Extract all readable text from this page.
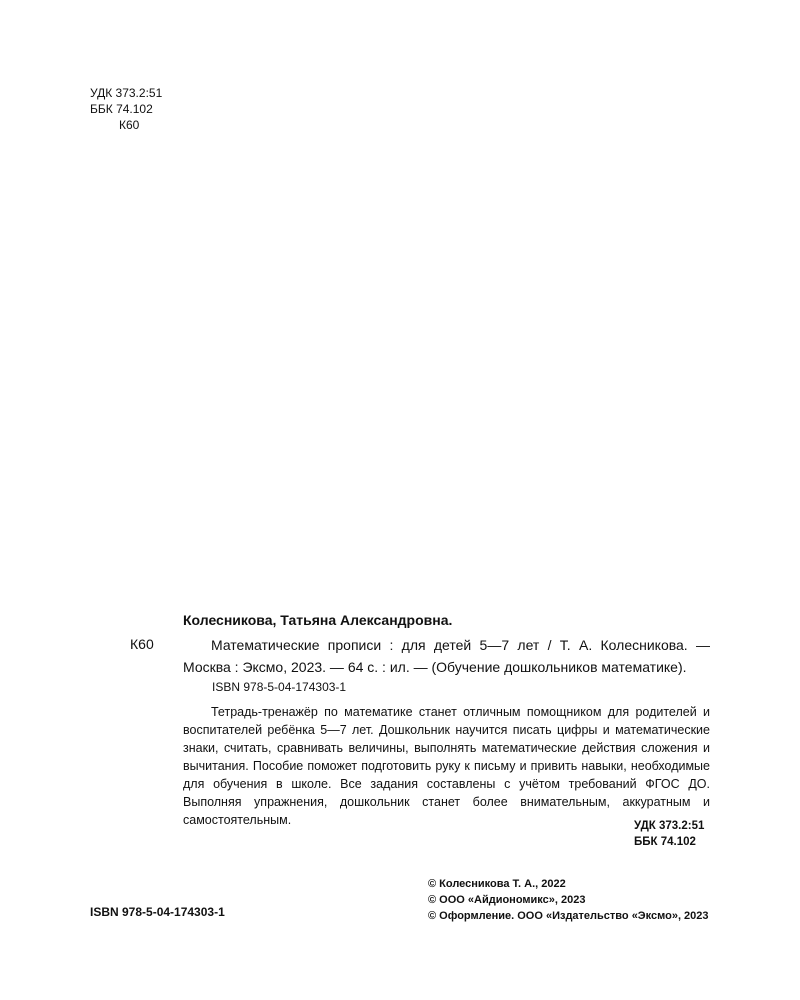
УДК 373.2:51
ББК 74.102
К60
Колесникова, Татьяна Александровна.
К60	Математические прописи : для детей 5—7 лет / Т. А. Колесникова. —
Москва : Эксмо, 2023. — 64 с. : ил. — (Обучение дошкольников математике).
ISBN 978-5-04-174303-1
Тетрадь-тренажёр по математике станет отличным помощником для родителей и воспитателей ребёнка 5—7 лет. Дошкольник научится писать цифры и математические знаки, считать, сравнивать величины, выполнять математические действия сложения и вычитания. Пособие поможет подготовить руку к письму и привить навыки, необходимые для обучения в школе. Все задания составлены с учётом требований ФГОС ДО. Выполняя упражнения, дошкольник станет более внимательным, аккуратным и самостоятельным.	УДК 373.2:51
ББК 74.102
© Колесникова Т. А., 2022
© ООО «Айдиономикс», 2023
© Оформление. ООО «Издательство «Эксмо», 2023
ISBN 978-5-04-174303-1
